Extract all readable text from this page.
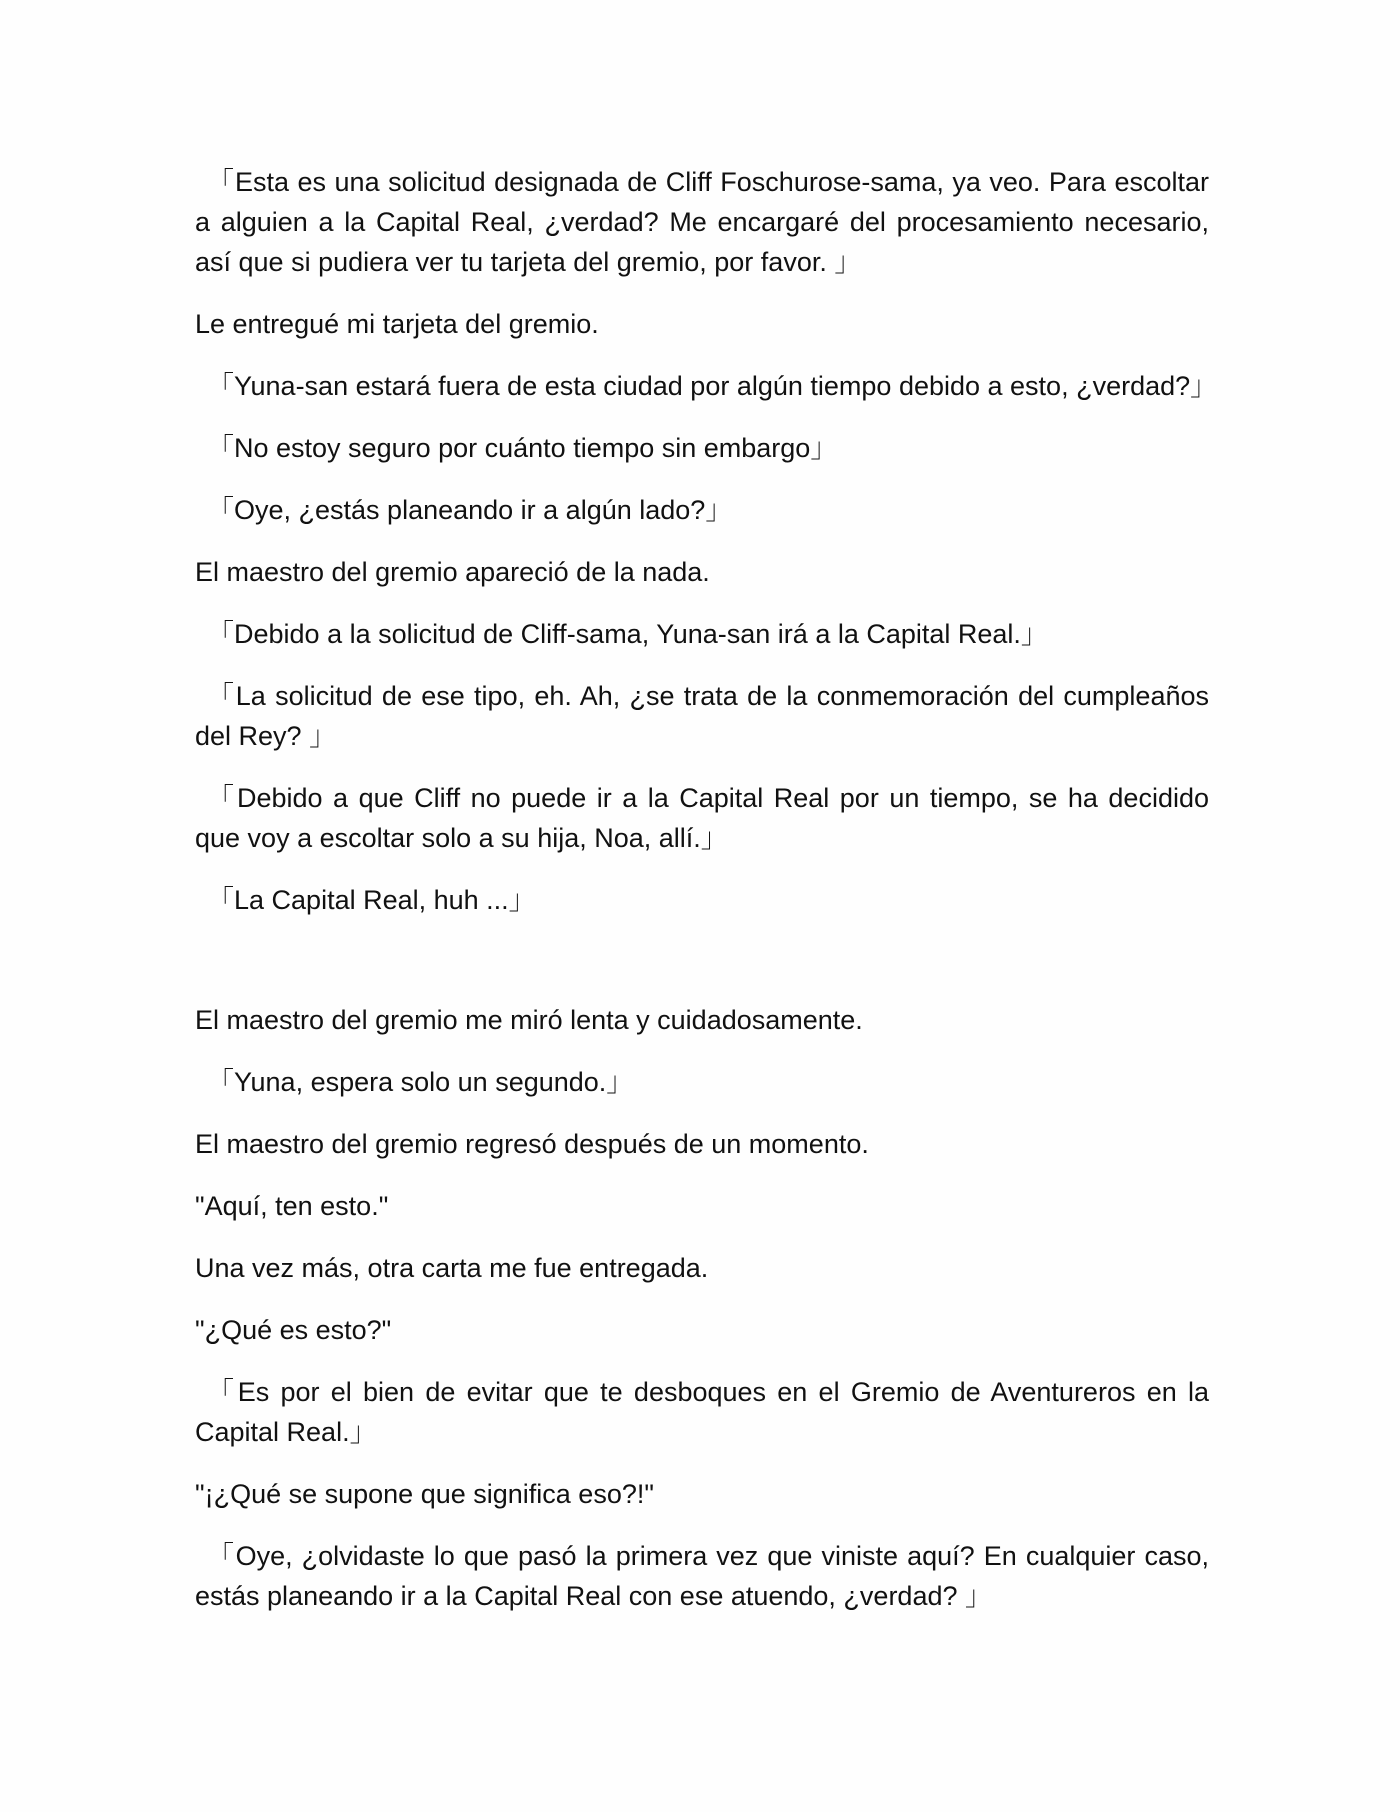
「Esta es una solicitud designada de Cliff Foschurose-sama, ya veo. Para escoltar a alguien a la Capital Real, ¿verdad? Me encargaré del procesamiento necesario, así que si pudiera ver tu tarjeta del gremio, por favor. 」

Le entregué mi tarjeta del gremio.

「Yuna-san estará fuera de esta ciudad por algún tiempo debido a esto, ¿verdad?」

「No estoy seguro por cuánto tiempo sin embargo」

「Oye, ¿estás planeando ir a algún lado?」

El maestro del gremio apareció de la nada.

「Debido a la solicitud de Cliff-sama, Yuna-san irá a la Capital Real.」

「La solicitud de ese tipo, eh. Ah, ¿se trata de la conmemoración del cumpleaños del Rey? 」

「Debido a que Cliff no puede ir a la Capital Real por un tiempo, se ha decidido que voy a escoltar solo a su hija, Noa, allí.」

「La Capital Real, huh ...」

El maestro del gremio me miró lenta y cuidadosamente.

「Yuna, espera solo un segundo.」

El maestro del gremio regresó después de un momento.

"Aquí, ten esto."

Una vez más, otra carta me fue entregada.

"¿Qué es esto?"

「Es por el bien de evitar que te desboques en el Gremio de Aventureros en la Capital Real.」

"¡¿Qué se supone que significa eso?!"

「Oye, ¿olvidaste lo que pasó la primera vez que viniste aquí? En cualquier caso, estás planeando ir a la Capital Real con ese atuendo, ¿verdad? 」
